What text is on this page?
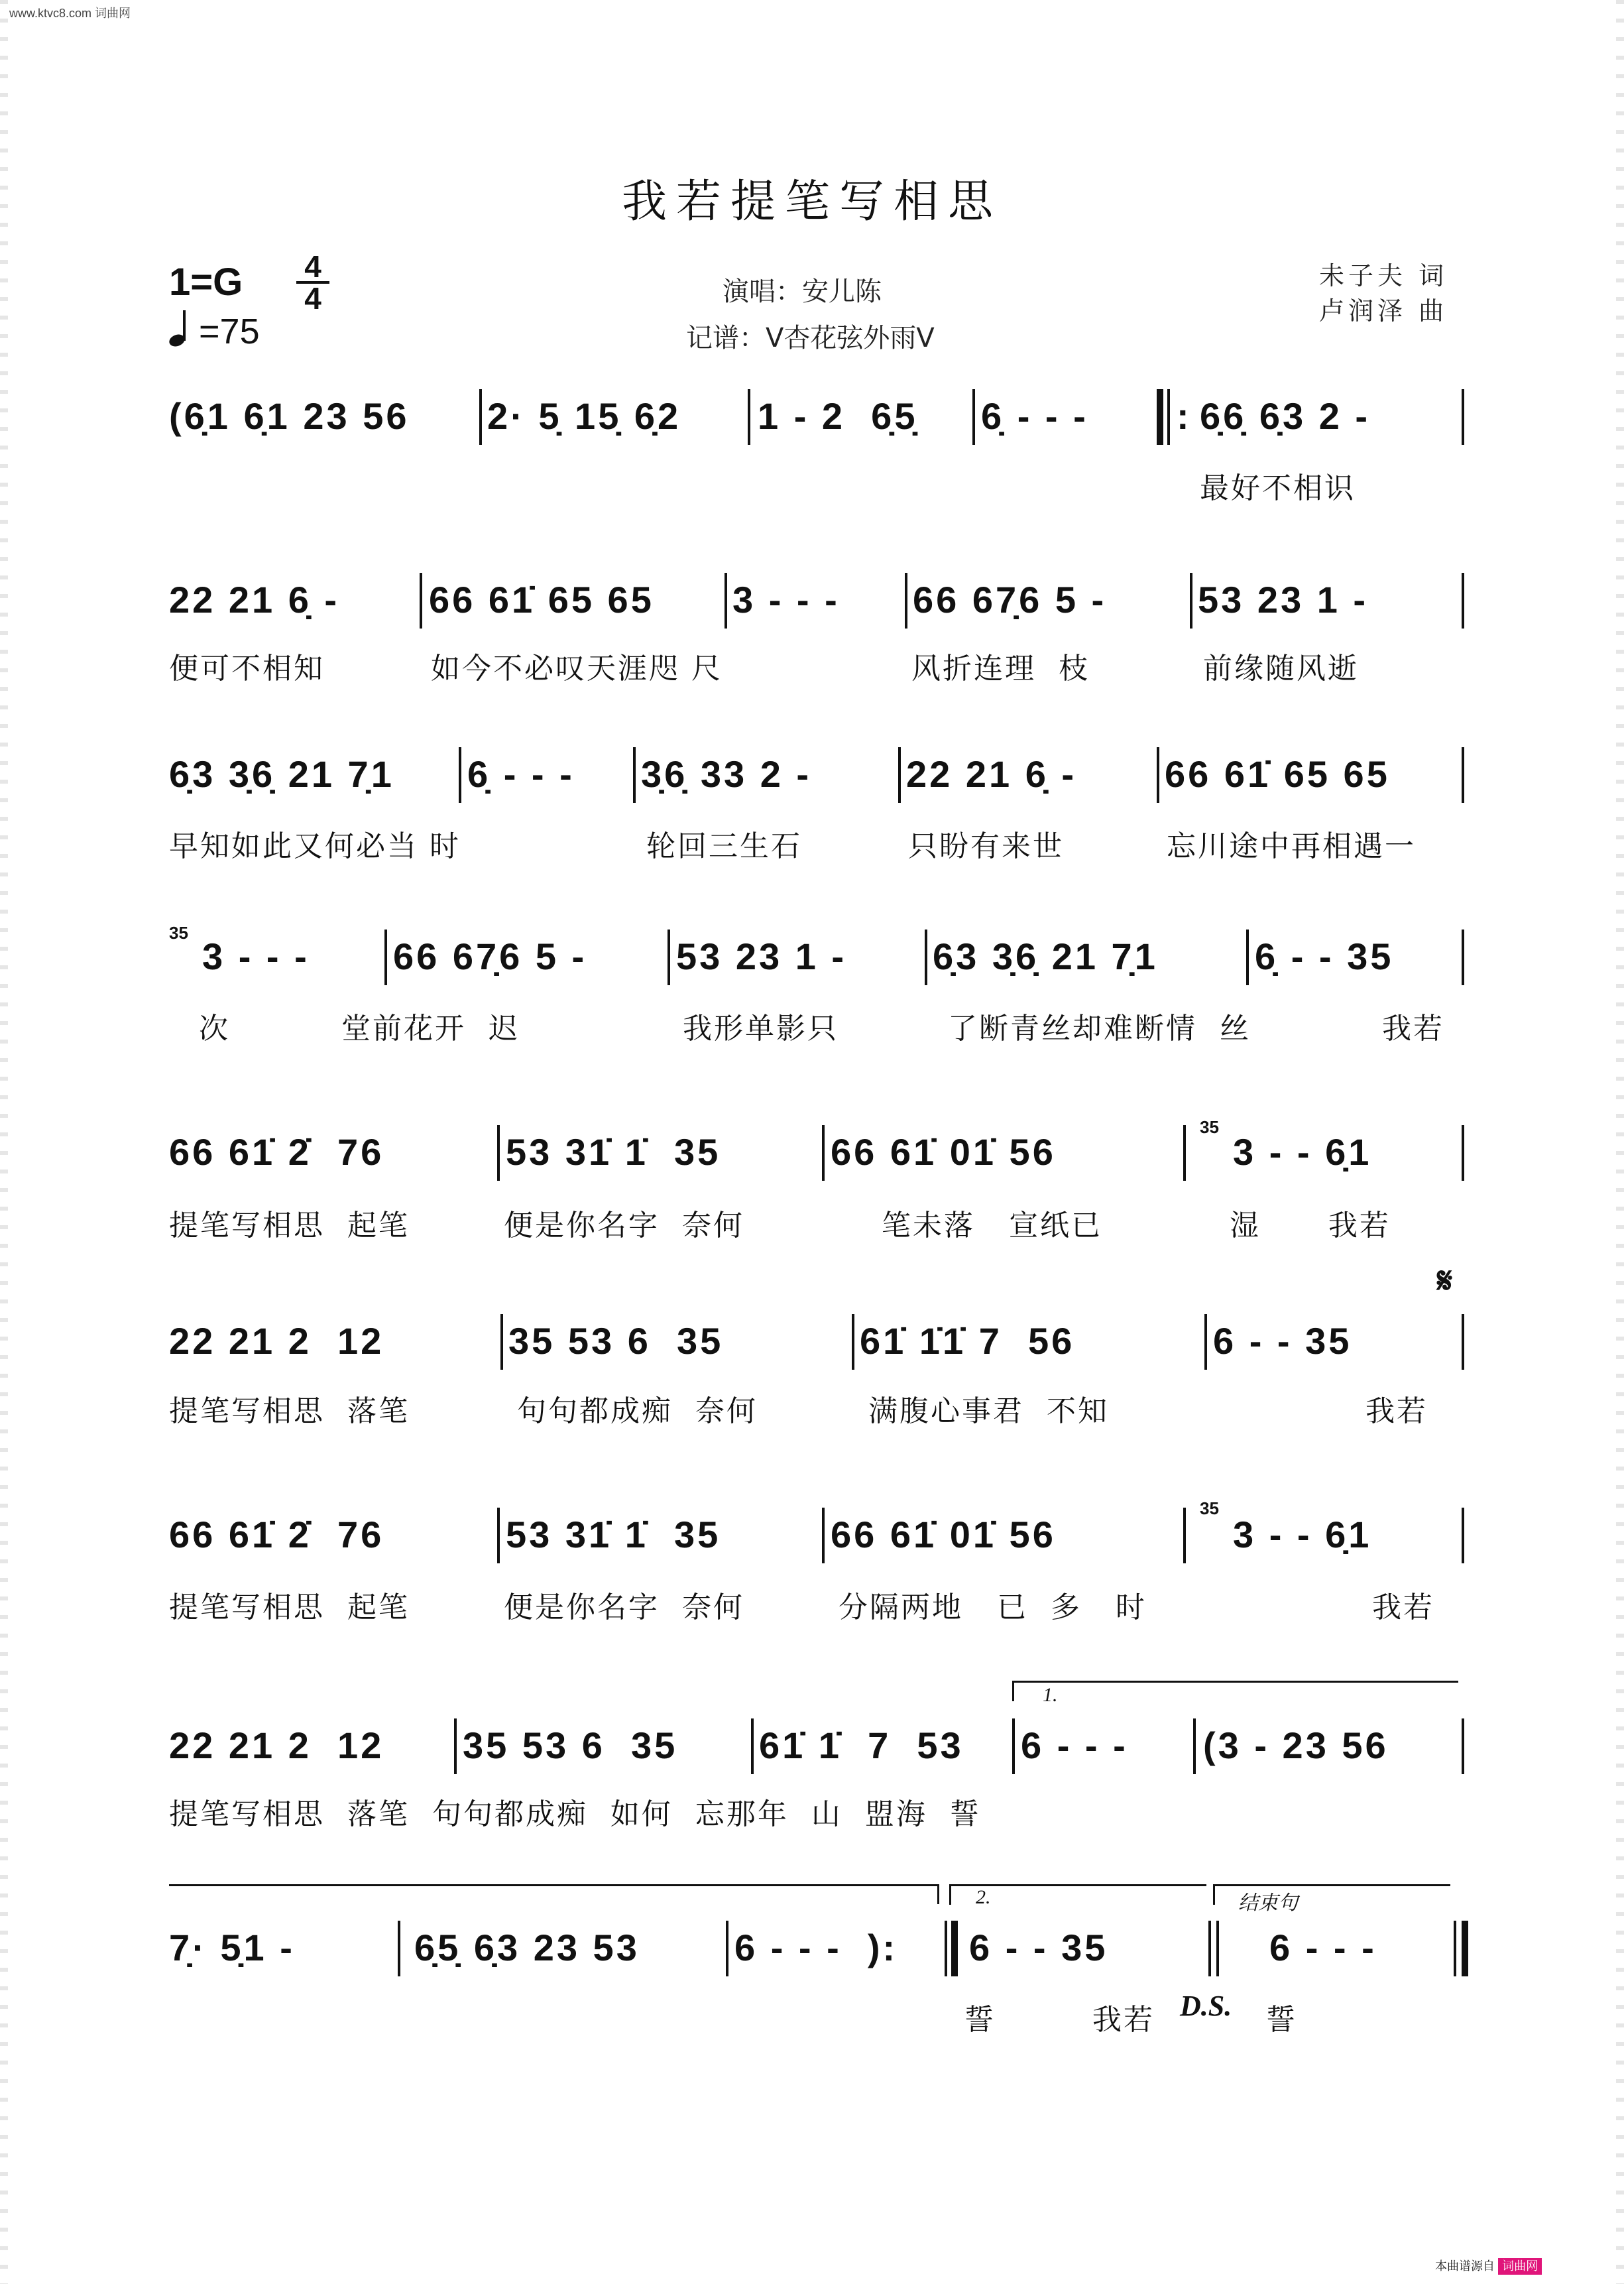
www.ktvc8.com 词曲网
我若提笔写相思
1=G	4
4
=75
演唱：安儿陈
记谱：V杏花弦外雨V
未子夫 词
卢润泽 曲
(6̣1 6̣1 23 56	2· 5̣ 15̣ 6̣2	1 - 2  6̣5̣	6̣ - - -	: 6̣6̣ 6̣3 2 -
最好不相识
22 21 6̣ -	66 61̇ 65 65	3 - - -	66 67̣6 5 -	53 23 1 -
便可不相知	如今不必叹天涯咫 尺	风折连理  枝	前缘随风逝
6̣3 3̣6̣ 21 7̣1	6̣ - - -	3̣6̣ 33 2 -	22 21 6̣ -	66 61̇ 65 65
早知如此又何必当 时	轮回三生石	只盼有来世	忘川途中再相遇一
35
3 - - -	66 67̣6 5 -	53 23 1 -	6̣3 3̣6̣ 21 7̣1	6̣ - - 35
次	堂前花开  迟	我形单影只	了断青丝却难断情  丝	我若
66 61̇ 2̇  76	53 31̇ 1̇  35	66 61̇ 01̇ 56
35
3 - - 6̣1
提笔写相思  起笔	便是你名字  奈何	笔未落   宣纸已	湿      我若
𝄋
22 21 2  12	35 53 6  35	61̇ 1̇1̇ 7  56	6 - - 35
提笔写相思  落笔	句句都成痴  奈何	满腹心事君  不知	我若
66 61̇ 2̇  76	53 31̇ 1̇  35	66 61̇ 01̇ 56
35
3 - - 6̣1
提笔写相思  起笔	便是你名字  奈何	分隔两地   已  多   时	我若
1.
22 21 2  12	35 53 6  35	61̇ 1̇  7  53	6 - - -	(3 - 23 56
提笔写相思  落笔  句句都成痴  如何  忘那年  山  盟海  誓
2.	结束句
7̣· 5̣1 -	6̣5̣ 6̣3 23 53	6 - - -  ):	6 - - 35	6 - - -
誓	我若 D.S. 誓
本曲谱源自 词曲网
